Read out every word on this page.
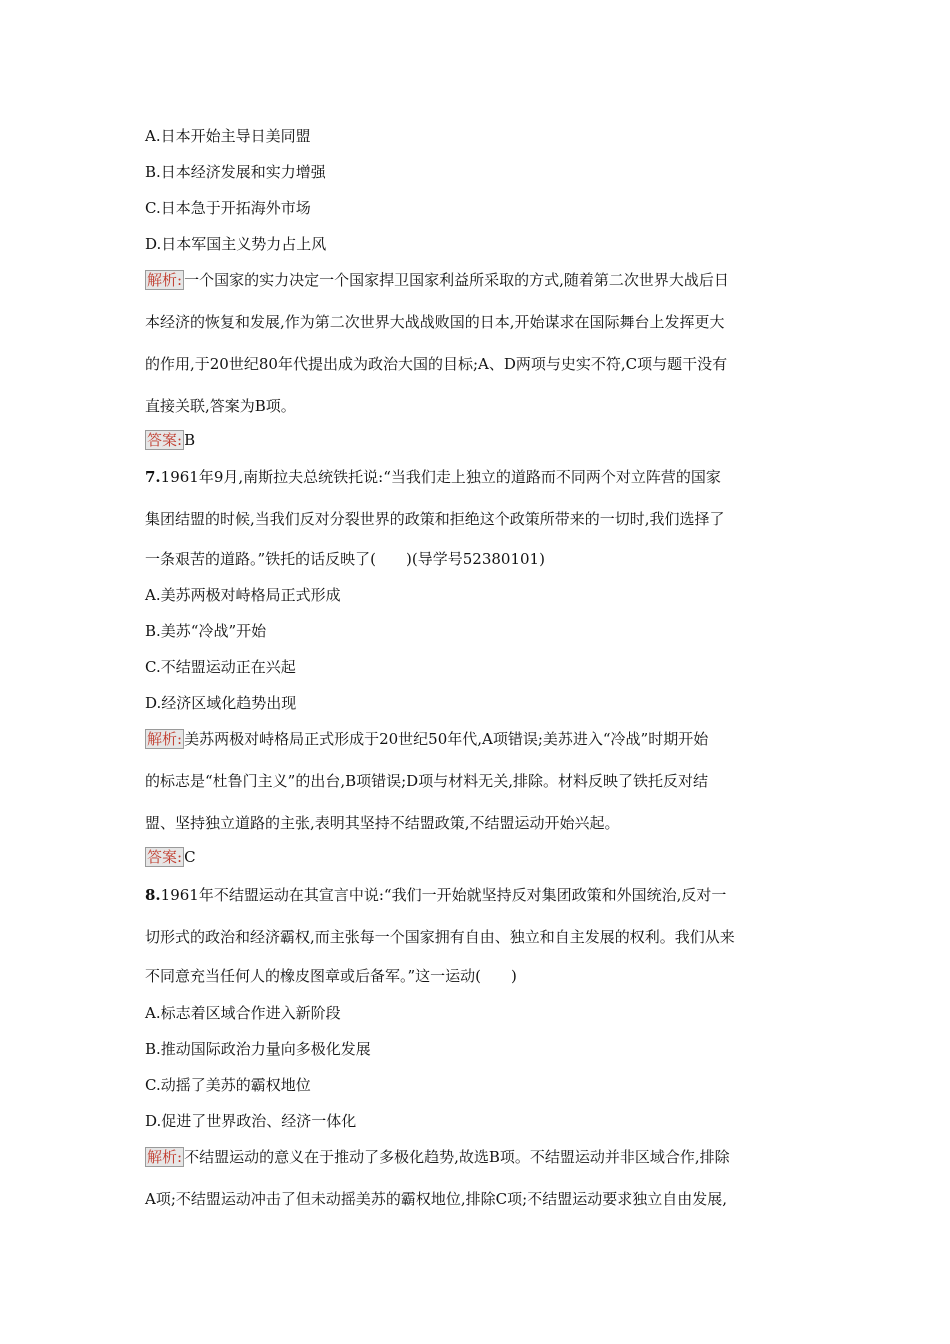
A.日本开始主导日美同盟
B.日本经济发展和实力增强
C.日本急于开拓海外市场
D.日本军国主义势力占上风
解析: 一个国家的实力决定一个国家捍卫国家利益所采取的方式,随着第二次世界大战后日
本经济的恢复和发展,作为第二次世界大战战败国的日本,开始谋求在国际舞台上发挥更大
的作用,于20世纪80年代提出成为政治大国的目标;A、D两项与史实不符,C项与题干没有
直接关联,答案为B项。
答案: B
7.1961年9月,南斯拉夫总统铁托说:“当我们走上独立的道路而不同两个对立阵营的国家
集团结盟的时候,当我们反对分裂世界的政策和拒绝这个政策所带来的一切时,我们选择了
一条艰苦的道路。”铁托的话反映了(　　)(导学号52380101)
A.美苏两极对峙格局正式形成
B.美苏“冷战”开始
C.不结盟运动正在兴起
D.经济区域化趋势出现
解析: 美苏两极对峙格局正式形成于20世纪50年代,A项错误;美苏进入“冷战”时期开始
的标志是“杜鲁门主义”的出台,B项错误;D项与材料无关,排除。材料反映了铁托反对结
盟、坚持独立道路的主张,表明其坚持不结盟政策,不结盟运动开始兴起。
答案: C
8.1961年不结盟运动在其宣言中说:“我们一开始就坚持反对集团政策和外国统治,反对一
切形式的政治和经济霸权,而主张每一个国家拥有自由、独立和自主发展的权利。我们从来
不同意充当任何人的橡皮图章或后备军。”这一运动(　　)
A.标志着区域合作进入新阶段
B.推动国际政治力量向多极化发展
C.动摇了美苏的霸权地位
D.促进了世界政治、经济一体化
解析: 不结盟运动的意义在于推动了多极化趋势,故选B项。不结盟运动并非区域合作,排除
A项;不结盟运动冲击了但未动摇美苏的霸权地位,排除C项;不结盟运动要求独立自由发展,
